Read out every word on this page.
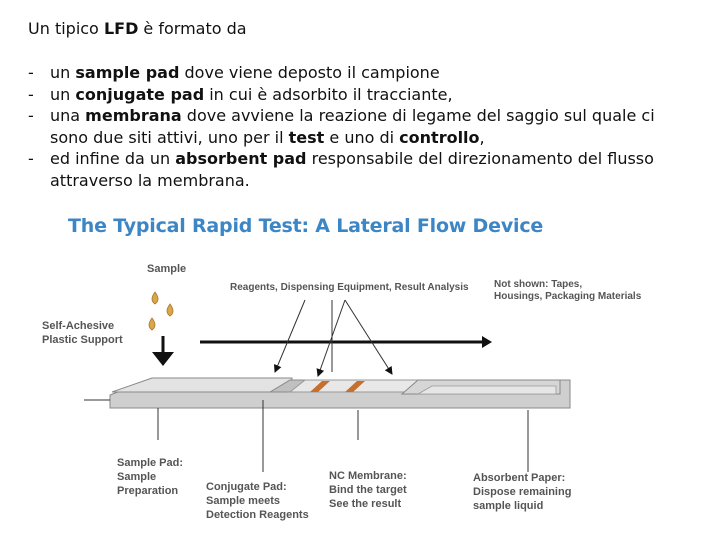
Un tipico LFD è formato da
- un sample pad dove viene deposto il campione
- un conjugate pad in cui è adsorbito il tracciante,
- una membrana dove avviene la reazione di legame del saggio sul quale ci sono due siti attivi, uno per il test e uno di controllo,
- ed infine da un absorbent pad responsabile del direzionamento del flusso attraverso la membrana.
The Typical Rapid Test: A Lateral Flow Device
Sample
Reagents, Dispensing Equipment, Result Analysis	Not shown: Tapes,
Housings, Packaging Materials
Self-Achesive
Plastic Support
Sample Pad:
Sample
Preparation	Conjugate Pad:
Sample meets
Detection Reagents
NC Membrane:
Bind the target
See the result
Absorbent Paper:
Dispose remaining
sample liquid
